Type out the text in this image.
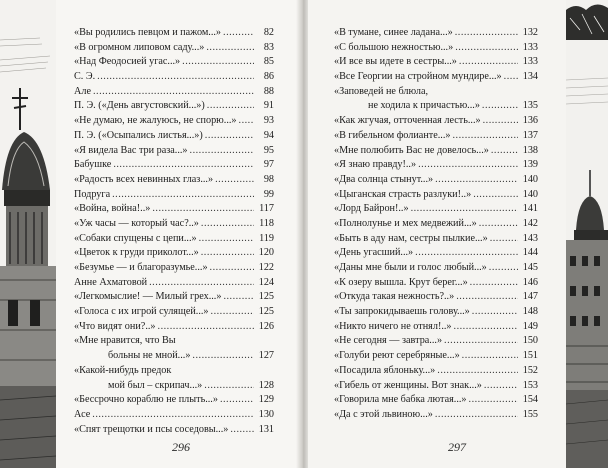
«Вы родились певцом и пажом...» .....	82
«В огромном липовом саду...» .....	83
«Над Феодосией угас...» .....	85
С. Э. .....	86
Але .....	88
П. Э. («День августовский...») .....	91
«Не думаю, не жалуюсь, не спорю...» .....	93
П. Э. («Осыпались листья...») .....	94
«Я видела Вас три раза...» .....	95
Бабушке .....	97
«Радость всех невинных глаз...» .....	98
Подруга .....	99
«Война, война!..» .....	117
«Уж часы — который час?..» .....	118
«Собаки спущены с цепи...» .....	119
«Цветок к груди приколот...» .....	120
«Безумье — и благоразумье...» .....	122
Анне Ахматовой .....	124
«Легкомыслие! — Милый грех...» .....	125
«Голоса с их игрой сулящей...» .....	125
«Что видят они?..» .....	126
«Мне нравится, что Вы
больны не мной...» .....	127
«Какой-нибудь предок
мой был – скрипач...» .....	128
«Бессрочно кораблю не плыть...» .....	129
Асе .....	130
«Спят трещотки и псы соседовы...» .....	131
296
«В тумане, синее ладана...» .....	132
«С большою нежностью...» .....	133
«И все вы идете в сестры...» .....	133
«Все Георгии на стройном мундире...» .....	134
«Заповедей не блюла,
не ходила к причастью...» .....	135
«Как жгучая, отточенная лесть...» .....	136
«В гибельном фолианте...» .....	137
«Мне полюбить Вас не довелось...» .....	138
«Я знаю правду!..» .....	139
«Два солнца стынут...» .....	140
«Цыганская страсть разлуки!..» .....	140
«Лорд Байрон!..» .....	141
«Полнолунье и мех медвежий...» .....	142
«Быть в аду нам, сестры пылкие...» .....	143
«День угасший...» .....	144
«Даны мне были и голос любый...» .....	145
«К озеру вышла. Крут берег...» .....	146
«Откуда такая нежность?..» .....	147
«Ты запрокидываешь голову...» .....	148
«Никто ничего не отнял!..» .....	149
«Не сегодня — завтра...» .....	150
«Голуби реют серебряные...» .....	151
«Посадила яблоньку...» .....	152
«Гибель от женщины. Вот знак...» .....	153
«Говорила мне бабка лютая...» .....	154
«Да с этой львиною...» .....	155
297
